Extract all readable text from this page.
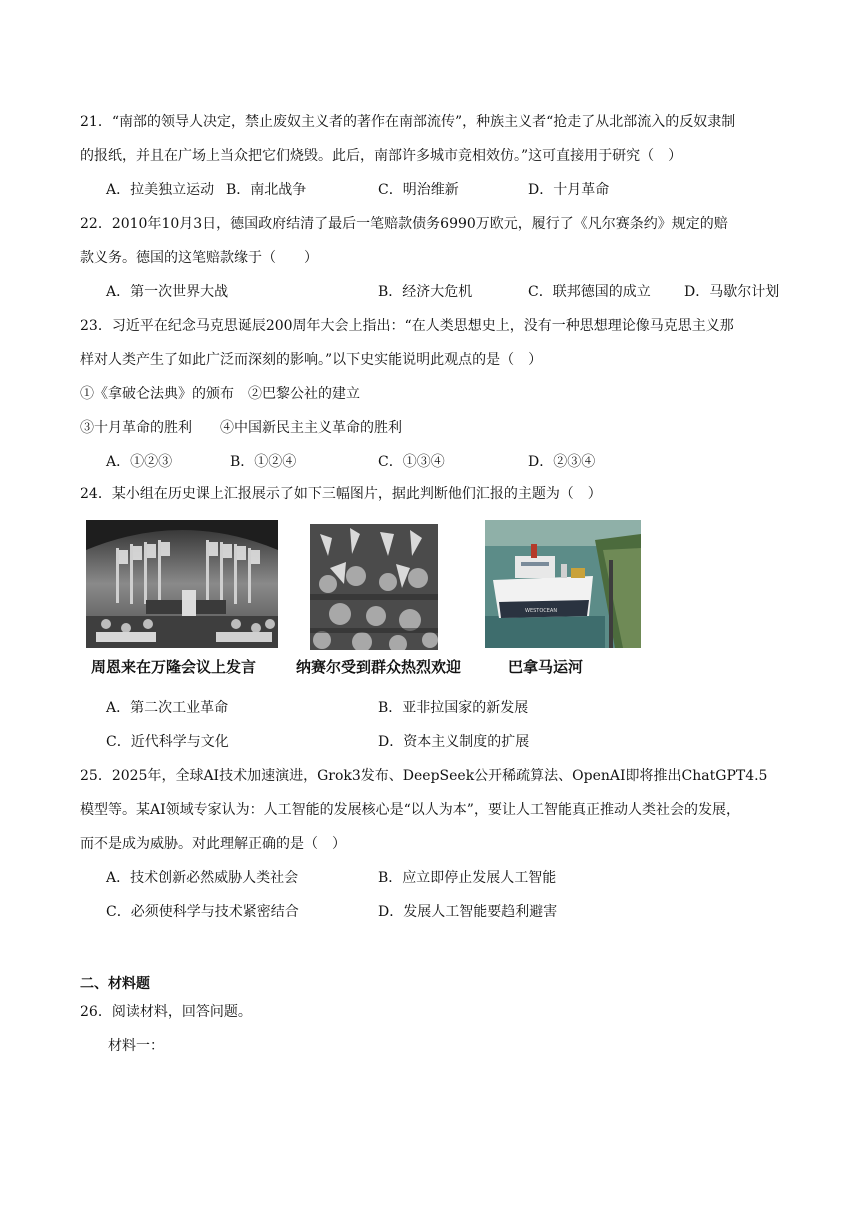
21．“南部的领导人决定，禁止废奴主义者的著作在南部流传”，种族主义者“抢走了从北部流入的反奴隶制
的报纸，并且在广场上当众把它们烧毁。此后，南部许多城市竞相效仿。”这可直接用于研究（　）
A．拉美独立运动 B．南北战争	C．明治维新	D．十月革命
22．2010年10月3日，德国政府结清了最后一笔赔款债务6990万欧元，履行了《凡尔赛条约》规定的赔
款义务。德国的这笔赔款缘于（　　）
A．第一次世界大战	B．经济大危机	C．联邦德国的成立 D．马歇尔计划
23．习近平在纪念马克思诞辰200周年大会上指出：“在人类思想史上，没有一种思想理论像马克思主义那
样对人类产生了如此广泛而深刻的影响。”以下史实能说明此观点的是（　）
①《拿破仑法典》的颁布　②巴黎公社的建立
③十月革命的胜利　　④中国新民主主义革命的胜利
A．①②③	B．①②④	C．①③④	D．②③④
24．某小组在历史课上汇报展示了如下三幅图片，据此判断他们汇报的主题为（　）
WESTOCEAN
周恩来在万隆会议上发言	纳赛尔受到群众热烈欢迎	巴拿马运河
A．第二次工业革命	B．亚非拉国家的新发展
C．近代科学与文化	D．资本主义制度的扩展
25．2025年，全球AI技术加速演进，Grok3发布、DeepSeek公开稀疏算法、OpenAI即将推出ChatGPT4.5
模型等。某AI领域专家认为：人工智能的发展核心是“以人为本”，要让人工智能真正推动人类社会的发展，
而不是成为威胁。对此理解正确的是（　）
A．技术创新必然威胁人类社会	B．应立即停止发展人工智能
C．必须使科学与技术紧密结合	D．发展人工智能要趋利避害
二、材料题
26．阅读材料，回答问题。
材料一：
